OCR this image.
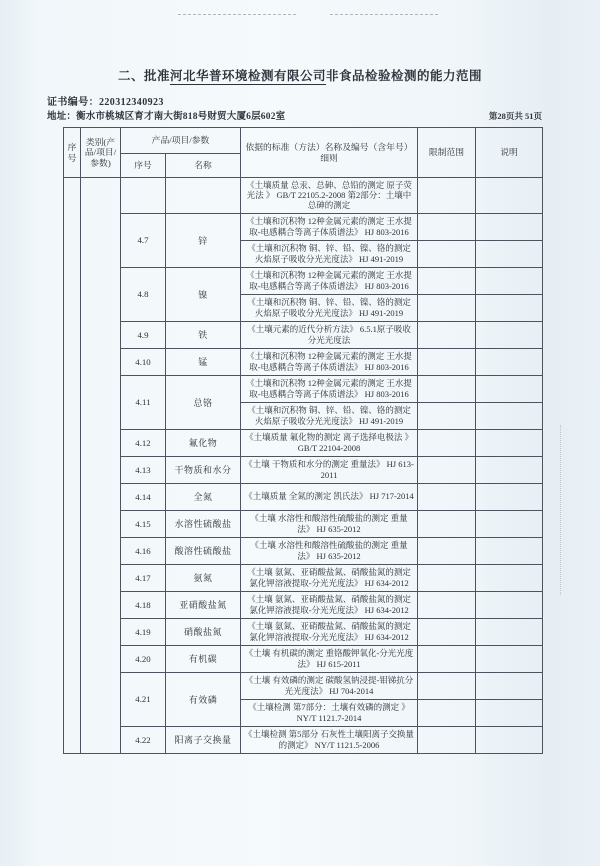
二、批准河北华普环境检测有限公司非食品检验检测的能力范围
证书编号：220312340923
地址：衡水市桃城区育才南大街818号财贸大厦6层602室	第28页共 51页
序号	类别(产品/项目/参数)	产品/项目/参数		依据的标准（方法）名称及编号（含年号）细则	限制范围	说明
		序号	名称			
				《土壤质量 总汞、总砷、总铅的测定 原子荧光法 》 GB/T 22105.2-2008 第2部分：土壤中总砷的测定		
		4.7	锌	《土壤和沉积物 12种金属元素的测定 王水提取-电感耦合等离子体质谱法》 HJ 803-2016		
				《土壤和沉积物 铜、锌、铅、镍、铬的测定 火焰原子吸收分光光度法》 HJ 491-2019		
		4.8	镍	《土壤和沉积物 12种金属元素的测定 王水提取-电感耦合等离子体质谱法》 HJ 803-2016		
				《土壤和沉积物 铜、锌、铅、镍、铬的测定 火焰原子吸收分光光度法》 HJ 491-2019		
		4.9	铁	《土壤元素的近代分析方法》 6.5.1原子吸收分光光度法		
		4.10	锰	《土壤和沉积物 12种金属元素的测定 王水提取-电感耦合等离子体质谱法》 HJ 803-2016		
		4.11	总铬	《土壤和沉积物 12种金属元素的测定 王水提取-电感耦合等离子体质谱法》 HJ 803-2016		
				《土壤和沉积物 铜、锌、铅、镍、铬的测定 火焰原子吸收分光光度法》 HJ 491-2019		
		4.12	氟化物	《土壤质量 氟化物的测定 离子选择电极法 》 GB/T 22104-2008		
		4.13	干物质和水分	《土壤 干物质和水分的测定 重量法》 HJ 613-2011		
		4.14	全氮	《土壤质量 全氮的测定 凯氏法》 HJ 717-2014		
		4.15	水溶性硫酸盐	《土壤 水溶性和酸溶性硫酸盐的测定 重量法》 HJ 635-2012		
		4.16	酸溶性硫酸盐	《土壤 水溶性和酸溶性硫酸盐的测定 重量法》 HJ 635-2012		
		4.17	氨氮	《土壤 氨氮、亚硝酸盐氮、硝酸盐氮的测定 氯化钾溶液提取-分光光度法》 HJ 634-2012		
		4.18	亚硝酸盐氮	《土壤 氨氮、亚硝酸盐氮、硝酸盐氮的测定 氯化钾溶液提取-分光光度法》 HJ 634-2012		
		4.19	硝酸盐氮	《土壤 氨氮、亚硝酸盐氮、硝酸盐氮的测定 氯化钾溶液提取-分光光度法》 HJ 634-2012		
		4.20	有机碳	《土壤 有机碳的测定 重铬酸钾氧化-分光光度法》 HJ 615-2011		
		4.21	有效磷	《土壤 有效磷的测定 碳酸氢钠浸提-钼锑抗分光光度法》 HJ 704-2014		
				《土壤检测 第7部分：土壤有效磷的测定 》 NY/T 1121.7-2014		
		4.22	阳离子交换量	《土壤检测 第5部分 石灰性土壤阳离子交换量的测定》 NY/T 1121.5-2006		
